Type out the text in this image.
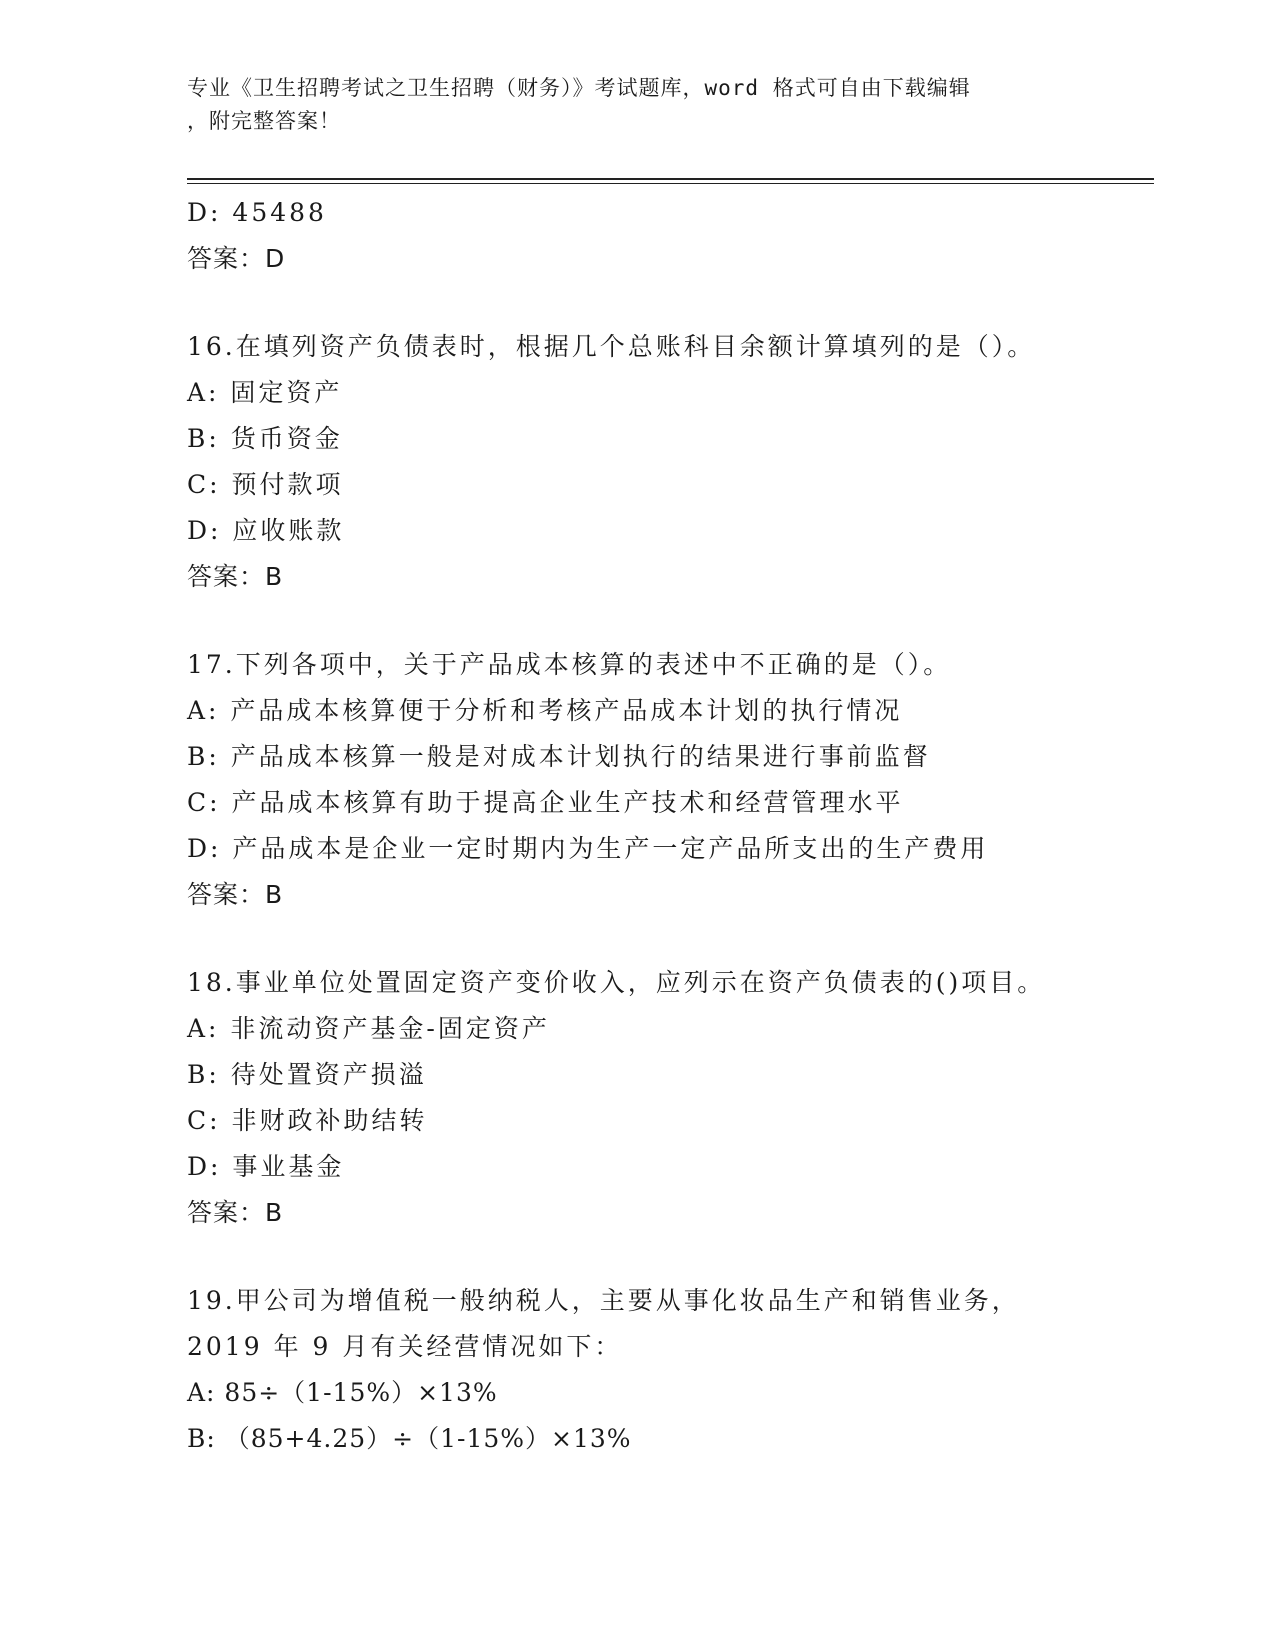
专业《卫生招聘考试之卫生招聘（财务）》考试题库，word 格式可自由下载编辑
，附完整答案！
D: 45488
答案：D
16.在填列资产负债表时，根据几个总账科目余额计算填列的是（）。
A: 固定资产
B: 货币资金
C: 预付款项
D: 应收账款
答案：B
17.下列各项中，关于产品成本核算的表述中不正确的是（）。
A: 产品成本核算便于分析和考核产品成本计划的执行情况
B: 产品成本核算一般是对成本计划执行的结果进行事前监督
C: 产品成本核算有助于提高企业生产技术和经营管理水平
D: 产品成本是企业一定时期内为生产一定产品所支出的生产费用
答案：B
18.事业单位处置固定资产变价收入，应列示在资产负债表的()项目。
A: 非流动资产基金-固定资产
B: 待处置资产损溢
C: 非财政补助结转
D: 事业基金
答案：B
19.甲公司为增值税一般纳税人，主要从事化妆品生产和销售业务，
2019 年 9 月有关经营情况如下：
A: 85÷（1-15%）×13%
B: （85+4.25）÷（1-15%）×13%
